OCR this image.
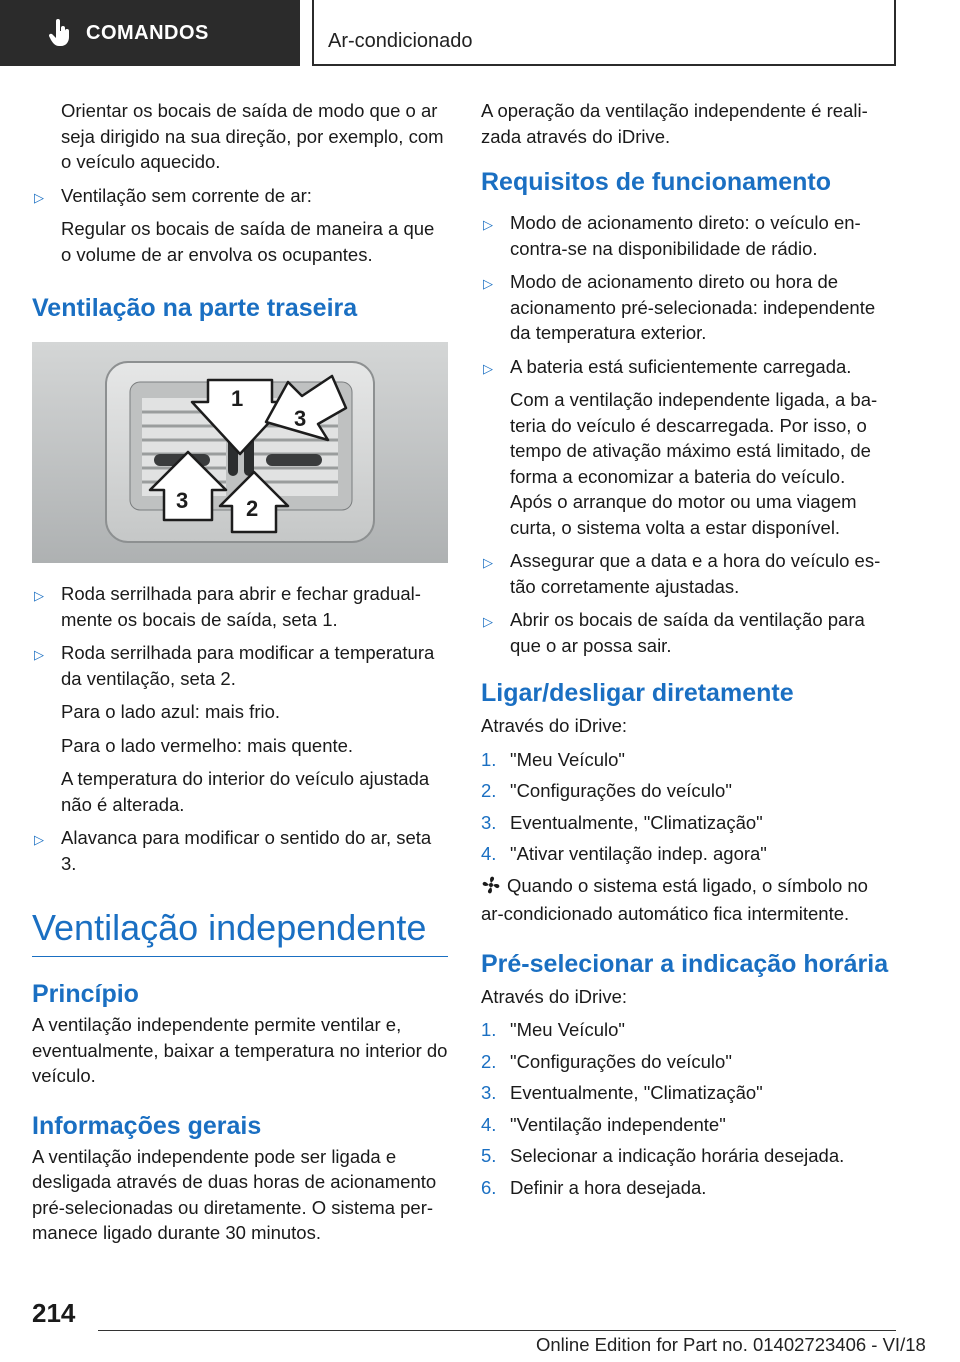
COMANDOS	Ar-condicionado
Orientar os bocais de saída de modo que o ar seja dirigido na sua direção, por exemplo, com o veículo aquecido.
▷ Ventilação sem corrente de ar:
Regular os bocais de saída de maneira a que o volume de ar envolva os ocupantes.
Ventilação na parte traseira
1
2
3
3
▷ Roda serrilhada para abrir e fechar gradualmente os bocais de saída, seta 1.
▷ Roda serrilhada para modificar a temperatura da ventilação, seta 2.
Para o lado azul: mais frio.
Para o lado vermelho: mais quente.
A temperatura do interior do veículo ajustada não é alterada.
▷ Alavanca para modificar o sentido do ar, seta 3.
Ventilação independente
Princípio
A ventilação independente permite ventilar e, eventualmente, baixar a temperatura no interior do veículo.
Informações gerais
A ventilação independente pode ser ligada e desligada através de duas horas de acionamento pré-selecionadas ou diretamente. O sistema permanece ligado durante 30 minutos.
A operação da ventilação independente é realizada através do iDrive.
Requisitos de funcionamento
▷ Modo de acionamento direto: o veículo encontra-se na disponibilidade de rádio.
▷ Modo de acionamento direto ou hora de acionamento pré-selecionada: independente da temperatura exterior.
▷ A bateria está suficientemente carregada.
Com a ventilação independente ligada, a bateria do veículo é descarregada. Por isso, o tempo de ativação máximo está limitado, de forma a economizar a bateria do veículo. Após o arranque do motor ou uma viagem curta, o sistema volta a estar disponível.
▷ Assegurar que a data e a hora do veículo estão corretamente ajustadas.
▷ Abrir os bocais de saída da ventilação para que o ar possa sair.
Ligar/desligar diretamente
Através do iDrive:
1. "Meu Veículo"
2. "Configurações do veículo"
3. Eventualmente, "Climatização"
4. "Ativar ventilação indep. agora"
Quando o sistema está ligado, o símbolo no ar-condicionado automático fica intermitente.
Pré-selecionar a indicação horária
Através do iDrive:
1. "Meu Veículo"
2. "Configurações do veículo"
3. Eventualmente, "Climatização"
4. "Ventilação independente"
5. Selecionar a indicação horária desejada.
6. Definir a hora desejada.
214
Online Edition for Part no. 01402723406 - VI/18
